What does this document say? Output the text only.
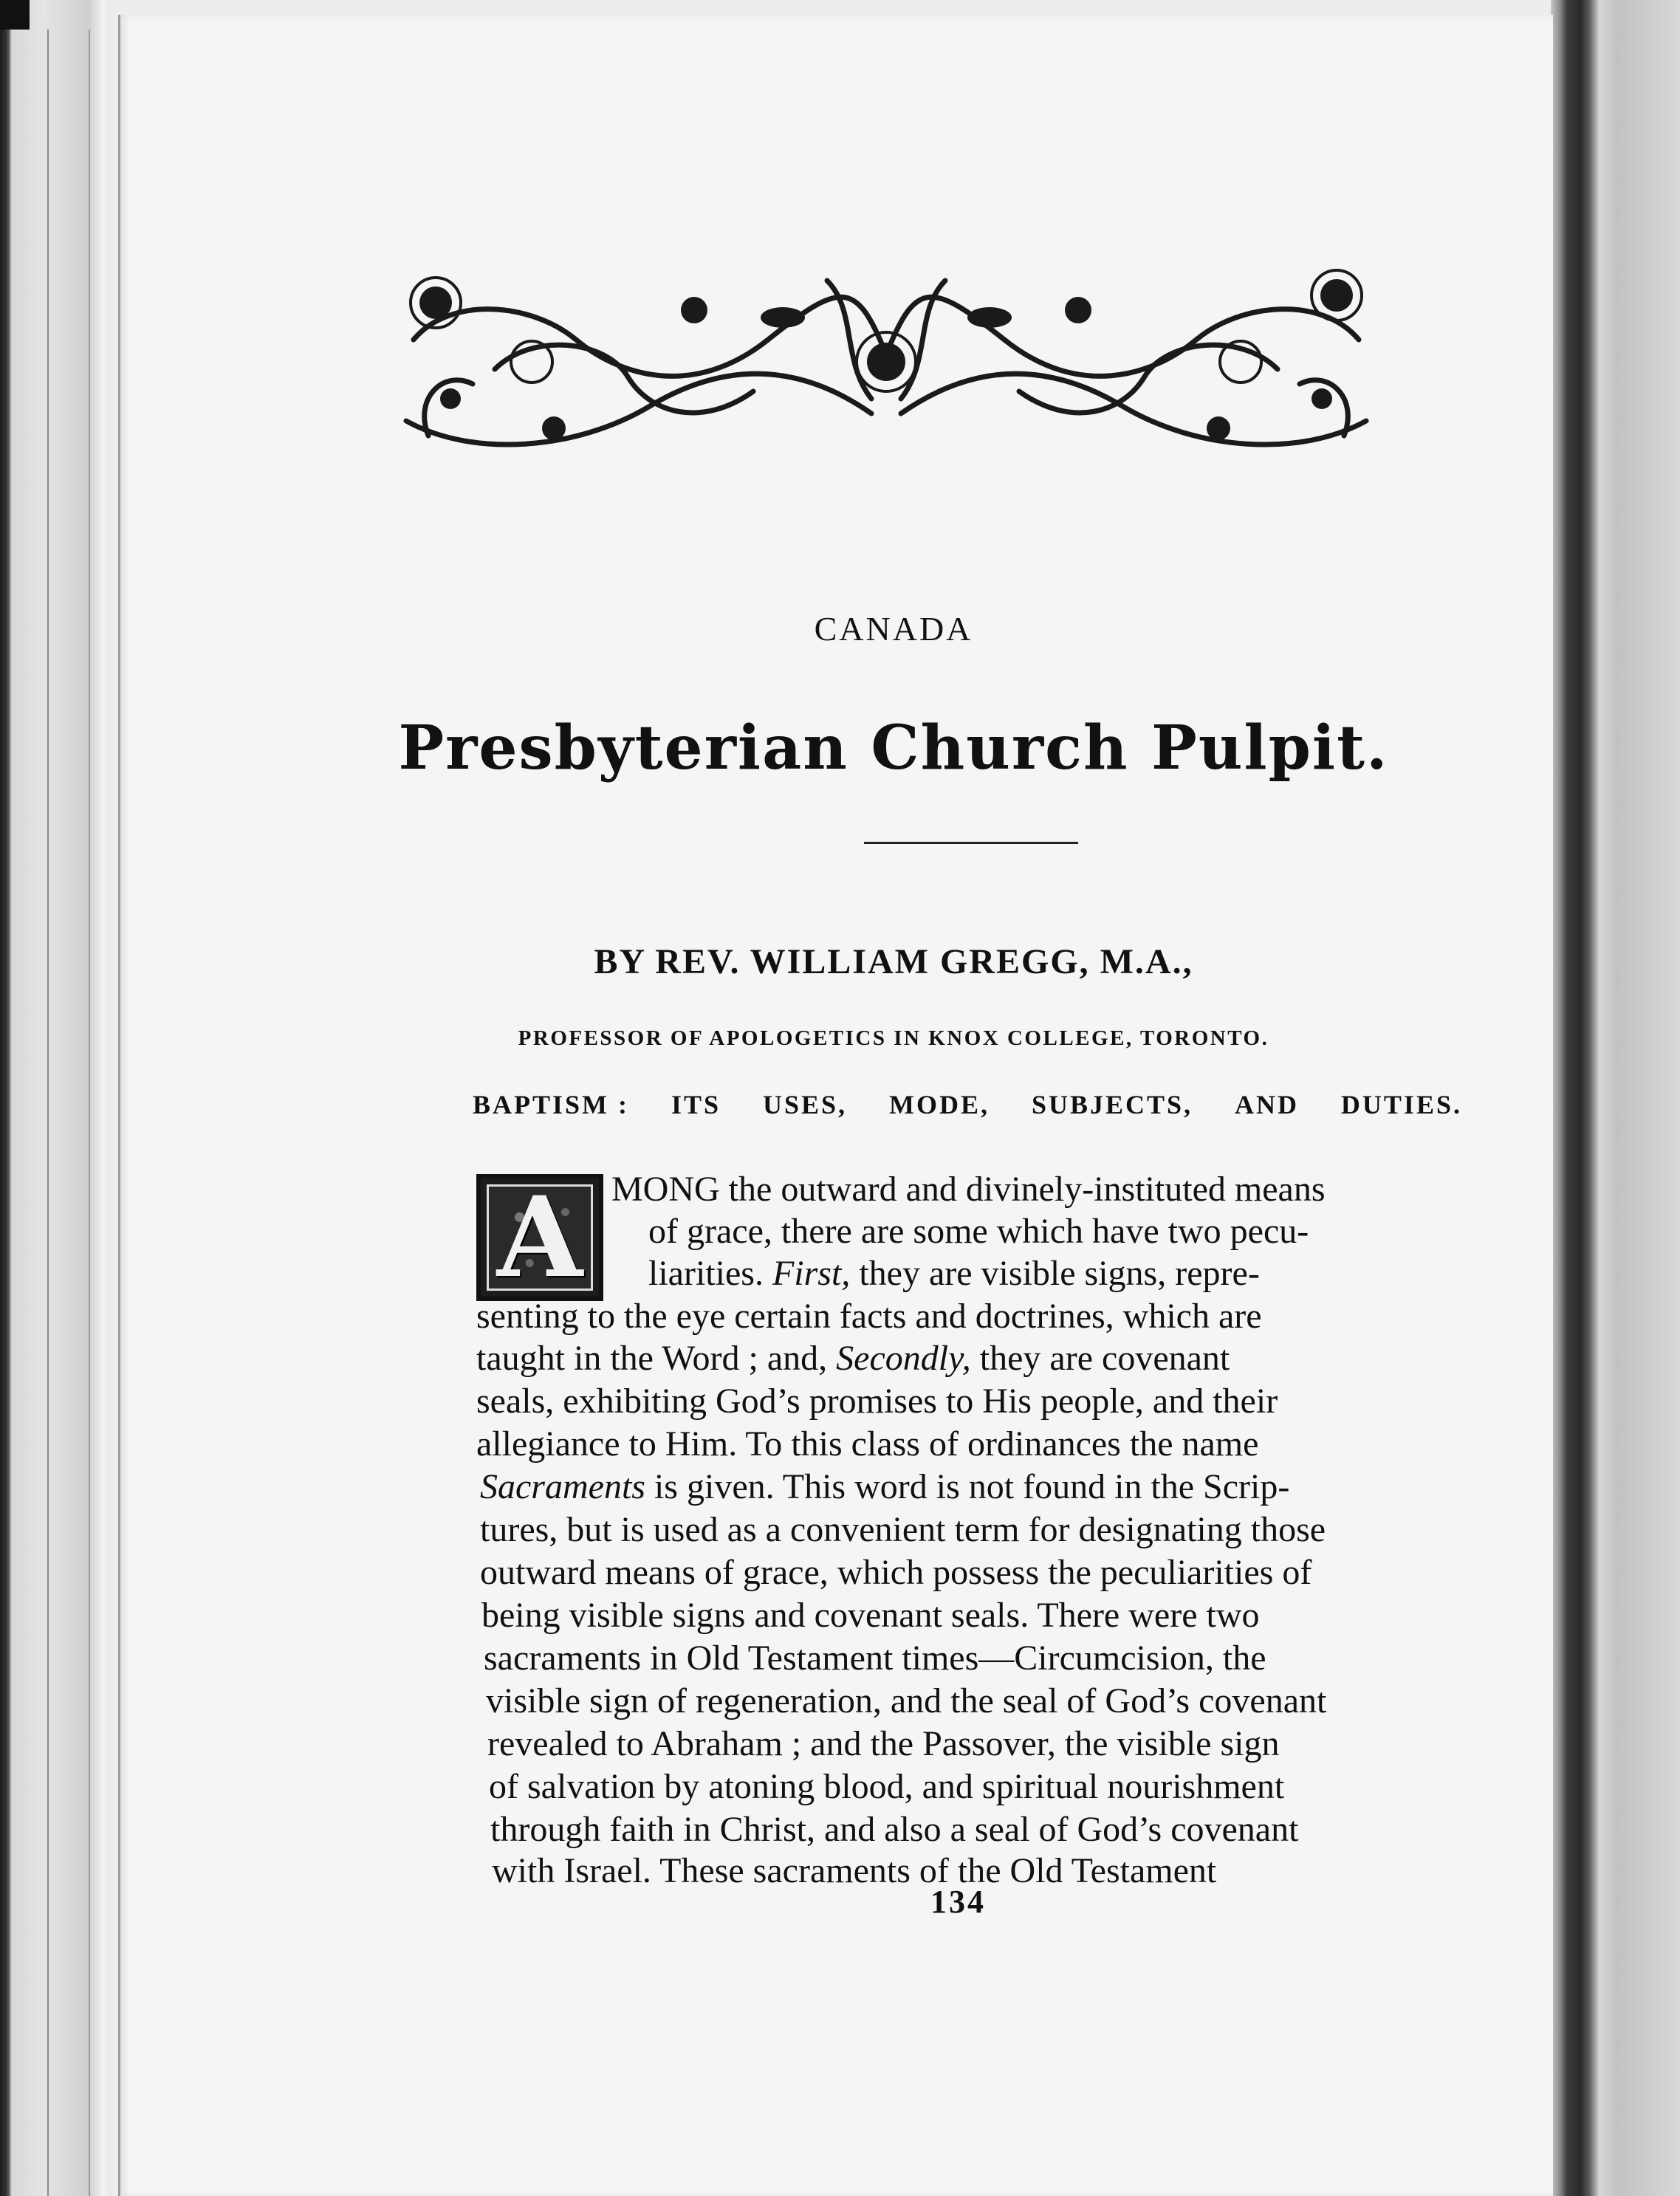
CANADA
Presbyterian Church Pulpit.
BY REV. WILLIAM GREGG, M.A.,
PROFESSOR OF APOLOGETICS IN KNOX COLLEGE, TORONTO.
BAPTISM : ITS USES, MODE, SUBJECTS, AND DUTIES.
A MONG the outward and divinely-instituted means
of grace, there are some which have two pecu-
liarities. First, they are visible signs, repre-
senting to the eye certain facts and doctrines, which are
taught in the Word ; and, Secondly, they are covenant
seals, exhibiting God’s promises to His people, and their
allegiance to Him. To this class of ordinances the name
Sacraments is given. This word is not found in the Scrip-
tures, but is used as a convenient term for designating those
outward means of grace, which possess the peculiarities of
being visible signs and covenant seals. There were two
sacraments in Old Testament times—Circumcision, the
visible sign of regeneration, and the seal of God’s covenant
revealed to Abraham ; and the Passover, the visible sign
of salvation by atoning blood, and spiritual nourishment
through faith in Christ, and also a seal of God’s covenant
with Israel. These sacraments of the Old Testament
134
